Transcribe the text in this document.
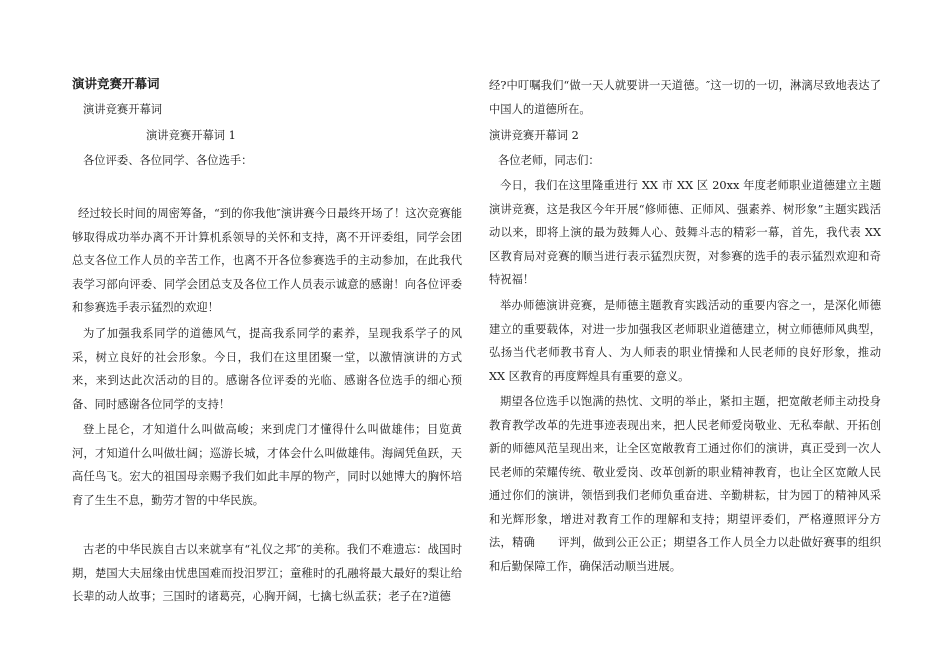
演讲竞赛开幕词
演讲竞赛开幕词
演讲竞赛开幕词 1
各位评委、各位同学、各位选手：

经过较长时间的周密筹备，“到的你我他″演讲赛今日最终开场了！这次竞赛能够取得成功举办离不开计算机系领导的关怀和支持，离不开评委组，同学会团总支各位工作人员的辛苦工作，也离不开各位参赛选手的主动参加，在此我代表学习部向评委、同学会团总支及各位工作人员表示诚意的感谢！向各位评委和参赛选手表示猛烈的欢迎！

为了加强我系同学的道德风气，提高我系同学的素养，呈现我系学子的风采，树立良好的社会形象。今日，我们在这里团聚一堂，以激情演讲的方式来，来到达此次活动的目的。感谢各位评委的光临、感谢各位选手的细心预备、同时感谢各位同学的支持！

登上昆仑，才知道什么叫做高峻；来到虎门才懂得什么叫做雄伟；目览黄河，才知道什么叫做壮阔；巡游长城，才体会什么叫做雄伟。海阔凭鱼跃，天高任鸟飞。宏大的祖国母亲赐予我们如此丰厚的物产，同时以她博大的胸怀培育了生生不息，勤劳才智的中华民族。

古老的中华民族自古以来就享有“礼仪之邦″的美称。我们不难遗忘：战国时期，楚国大夫屈缘由忧患国难而投汨罗江；童稚时的孔融将最大最好的梨让给长辈的动人故事；三国时的诸葛亮，心胸开阔，七擒七纵孟获；老子在?道德

经?中叮嘱我们“做一天人就要讲一天道德。″这一切的一切，淋漓尽致地表达了中国人的道德所在。

演讲竞赛开幕词 2
各位老师，同志们：

今日，我们在这里隆重进行 XX 市 XX 区 20xx 年度老师职业道德建立主题演讲竞赛，这是我区今年开展“修师德、正师风、强素养、树形象”主题实践活动以来，即将上演的最为鼓舞人心、鼓舞斗志的精彩一幕，首先，我代表 XX 区教育局对竞赛的顺当进行表示猛烈庆贺，对参赛的选手的表示猛烈欢迎和奇特祝福！

举办师德演讲竞赛，是师德主题教育实践活动的重要内容之一，是深化师德建立的重要载体，对进一步加强我区老师职业道德建立，树立师德师风典型，弘扬当代老师教书育人、为人师表的职业情操和人民老师的良好形象，推动 XX 区教育的再度辉煌具有重要的意义。

期望各位选手以饱满的热忱、文明的举止，紧扣主题，把宽敞老师主动投身教育教学改革的先进事迹表现出来，把人民老师爱岗敬业、无私奉献、开拓创新的师德风范呈现出来，让全区宽敞教育工通过你们的演讲，真正受到一次人民老师的荣耀传统、敬业爱岗、改革创新的职业精神教育，也让全区宽敞人民通过你们的演讲，领悟到我们老师负重奋进、辛勤耕耘，甘为园丁的精神风采和光辉形象，增进对教育工作的理解和支持；期望评委们，严格遵照评分方法，精确　　评判，做到公正公正；期望各工作人员全力以赴做好赛事的组织和后勤保障工作，确保活动顺当进展。
